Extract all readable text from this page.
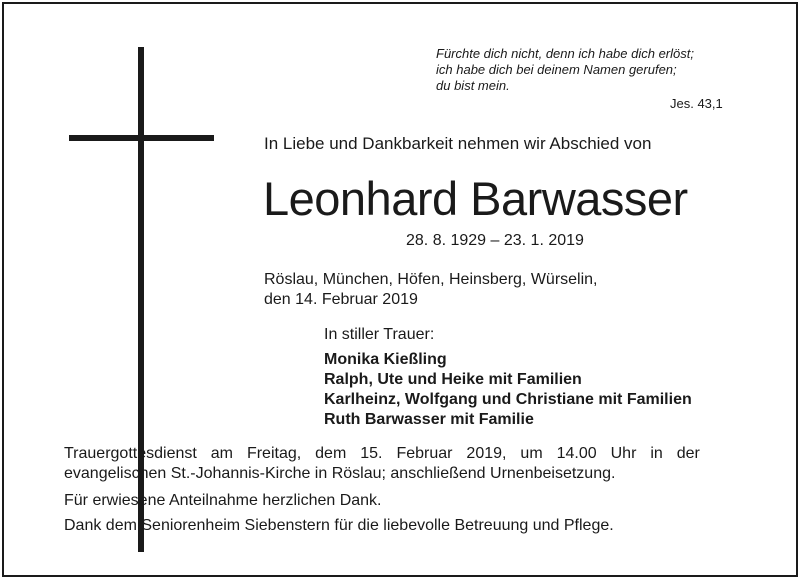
Fürchte dich nicht, denn ich habe dich erlöst;
ich habe dich bei deinem Namen gerufen;
du bist mein.
Jes. 43,1
In Liebe und Dankbarkeit nehmen wir Abschied von
Leonhard Barwasser
28. 8. 1929 – 23. 1. 2019
Röslau, München, Höfen, Heinsberg, Würselin,
den 14. Februar 2019
In stiller Trauer:
Monika Kießling
Ralph, Ute und Heike mit Familien
Karlheinz, Wolfgang und Christiane mit Familien
Ruth Barwasser mit Familie
Trauergottesdienst am Freitag, dem 15. Februar 2019, um 14.00 Uhr in der
evangelischen St.-Johannis-Kirche in Röslau; anschließend Urnenbeisetzung.
Für erwiesene Anteilnahme herzlichen Dank.
Dank dem Seniorenheim Siebenstern für die liebevolle Betreuung und Pflege.
